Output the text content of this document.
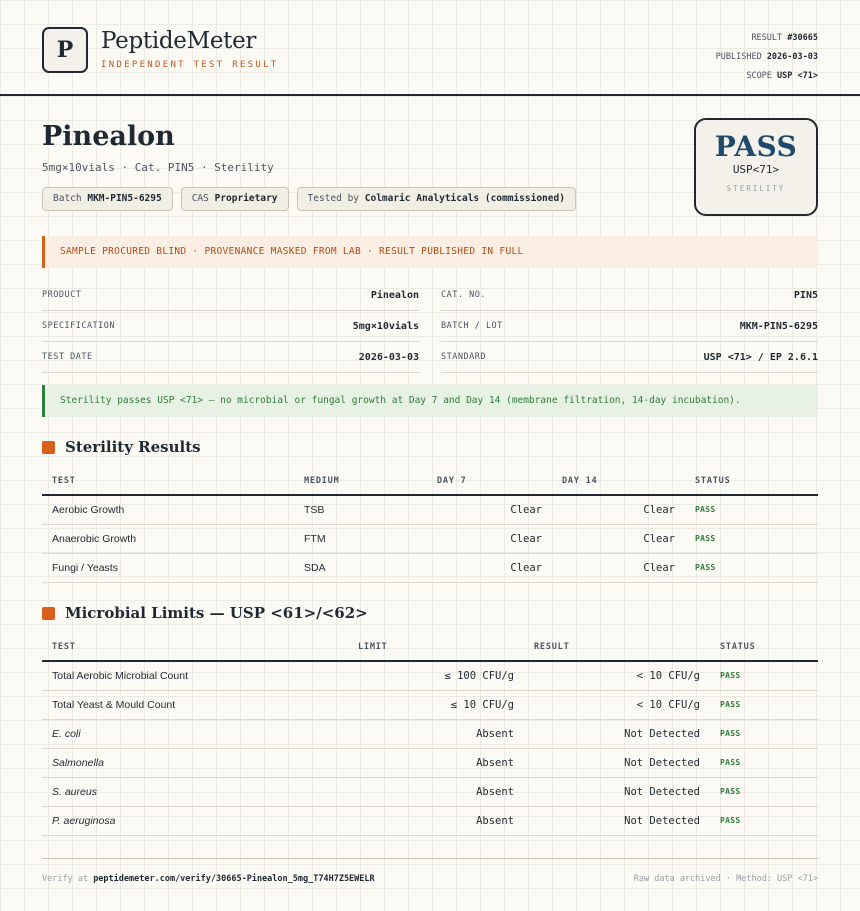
P PeptideMeter
INDEPENDENT TEST RESULT
RESULT #30665
PUBLISHED 2026-03-03
SCOPE USP <71>
Pinealon
5mg×10vials · Cat. PIN5 · Sterility
Batch MKM-PIN5-6295	CAS Proprietary	Tested by Colmaric Analyticals (commissioned)
PASS
USP<71>
STERILITY
SAMPLE PROCURED BLIND · PROVENANCE MASKED FROM LAB · RESULT PUBLISHED IN FULL
PRODUCT	Pinealon	CAT. NO.	PIN5
SPECIFICATION	5mg×10vials	BATCH / LOT	MKM-PIN5-6295
TEST DATE	2026-03-03	STANDARD	USP <71> / EP 2.6.1
Sterility passes USP <71> — no microbial or fungal growth at Day 7 and Day 14 (membrane filtration, 14-day incubation).
Sterility Results
TEST	MEDIUM	DAY 7	DAY 14	STATUS
Aerobic Growth	TSB	Clear	Clear	PASS
Anaerobic Growth	FTM	Clear	Clear	PASS
Fungi / Yeasts	SDA	Clear	Clear	PASS
Microbial Limits — USP <61>/<62>
TEST	LIMIT	RESULT	STATUS
Total Aerobic Microbial Count	≤ 100 CFU/g	< 10 CFU/g	PASS
Total Yeast & Mould Count	≤ 10 CFU/g	< 10 CFU/g	PASS
E. coli	Absent	Not Detected	PASS
Salmonella	Absent	Not Detected	PASS
S. aureus	Absent	Not Detected	PASS
P. aeruginosa	Absent	Not Detected	PASS
Verify at peptidemeter.com/verify/30665-Pinealon_5mg_T74H7Z5EWELR	Raw data archived · Method: USP <71>
